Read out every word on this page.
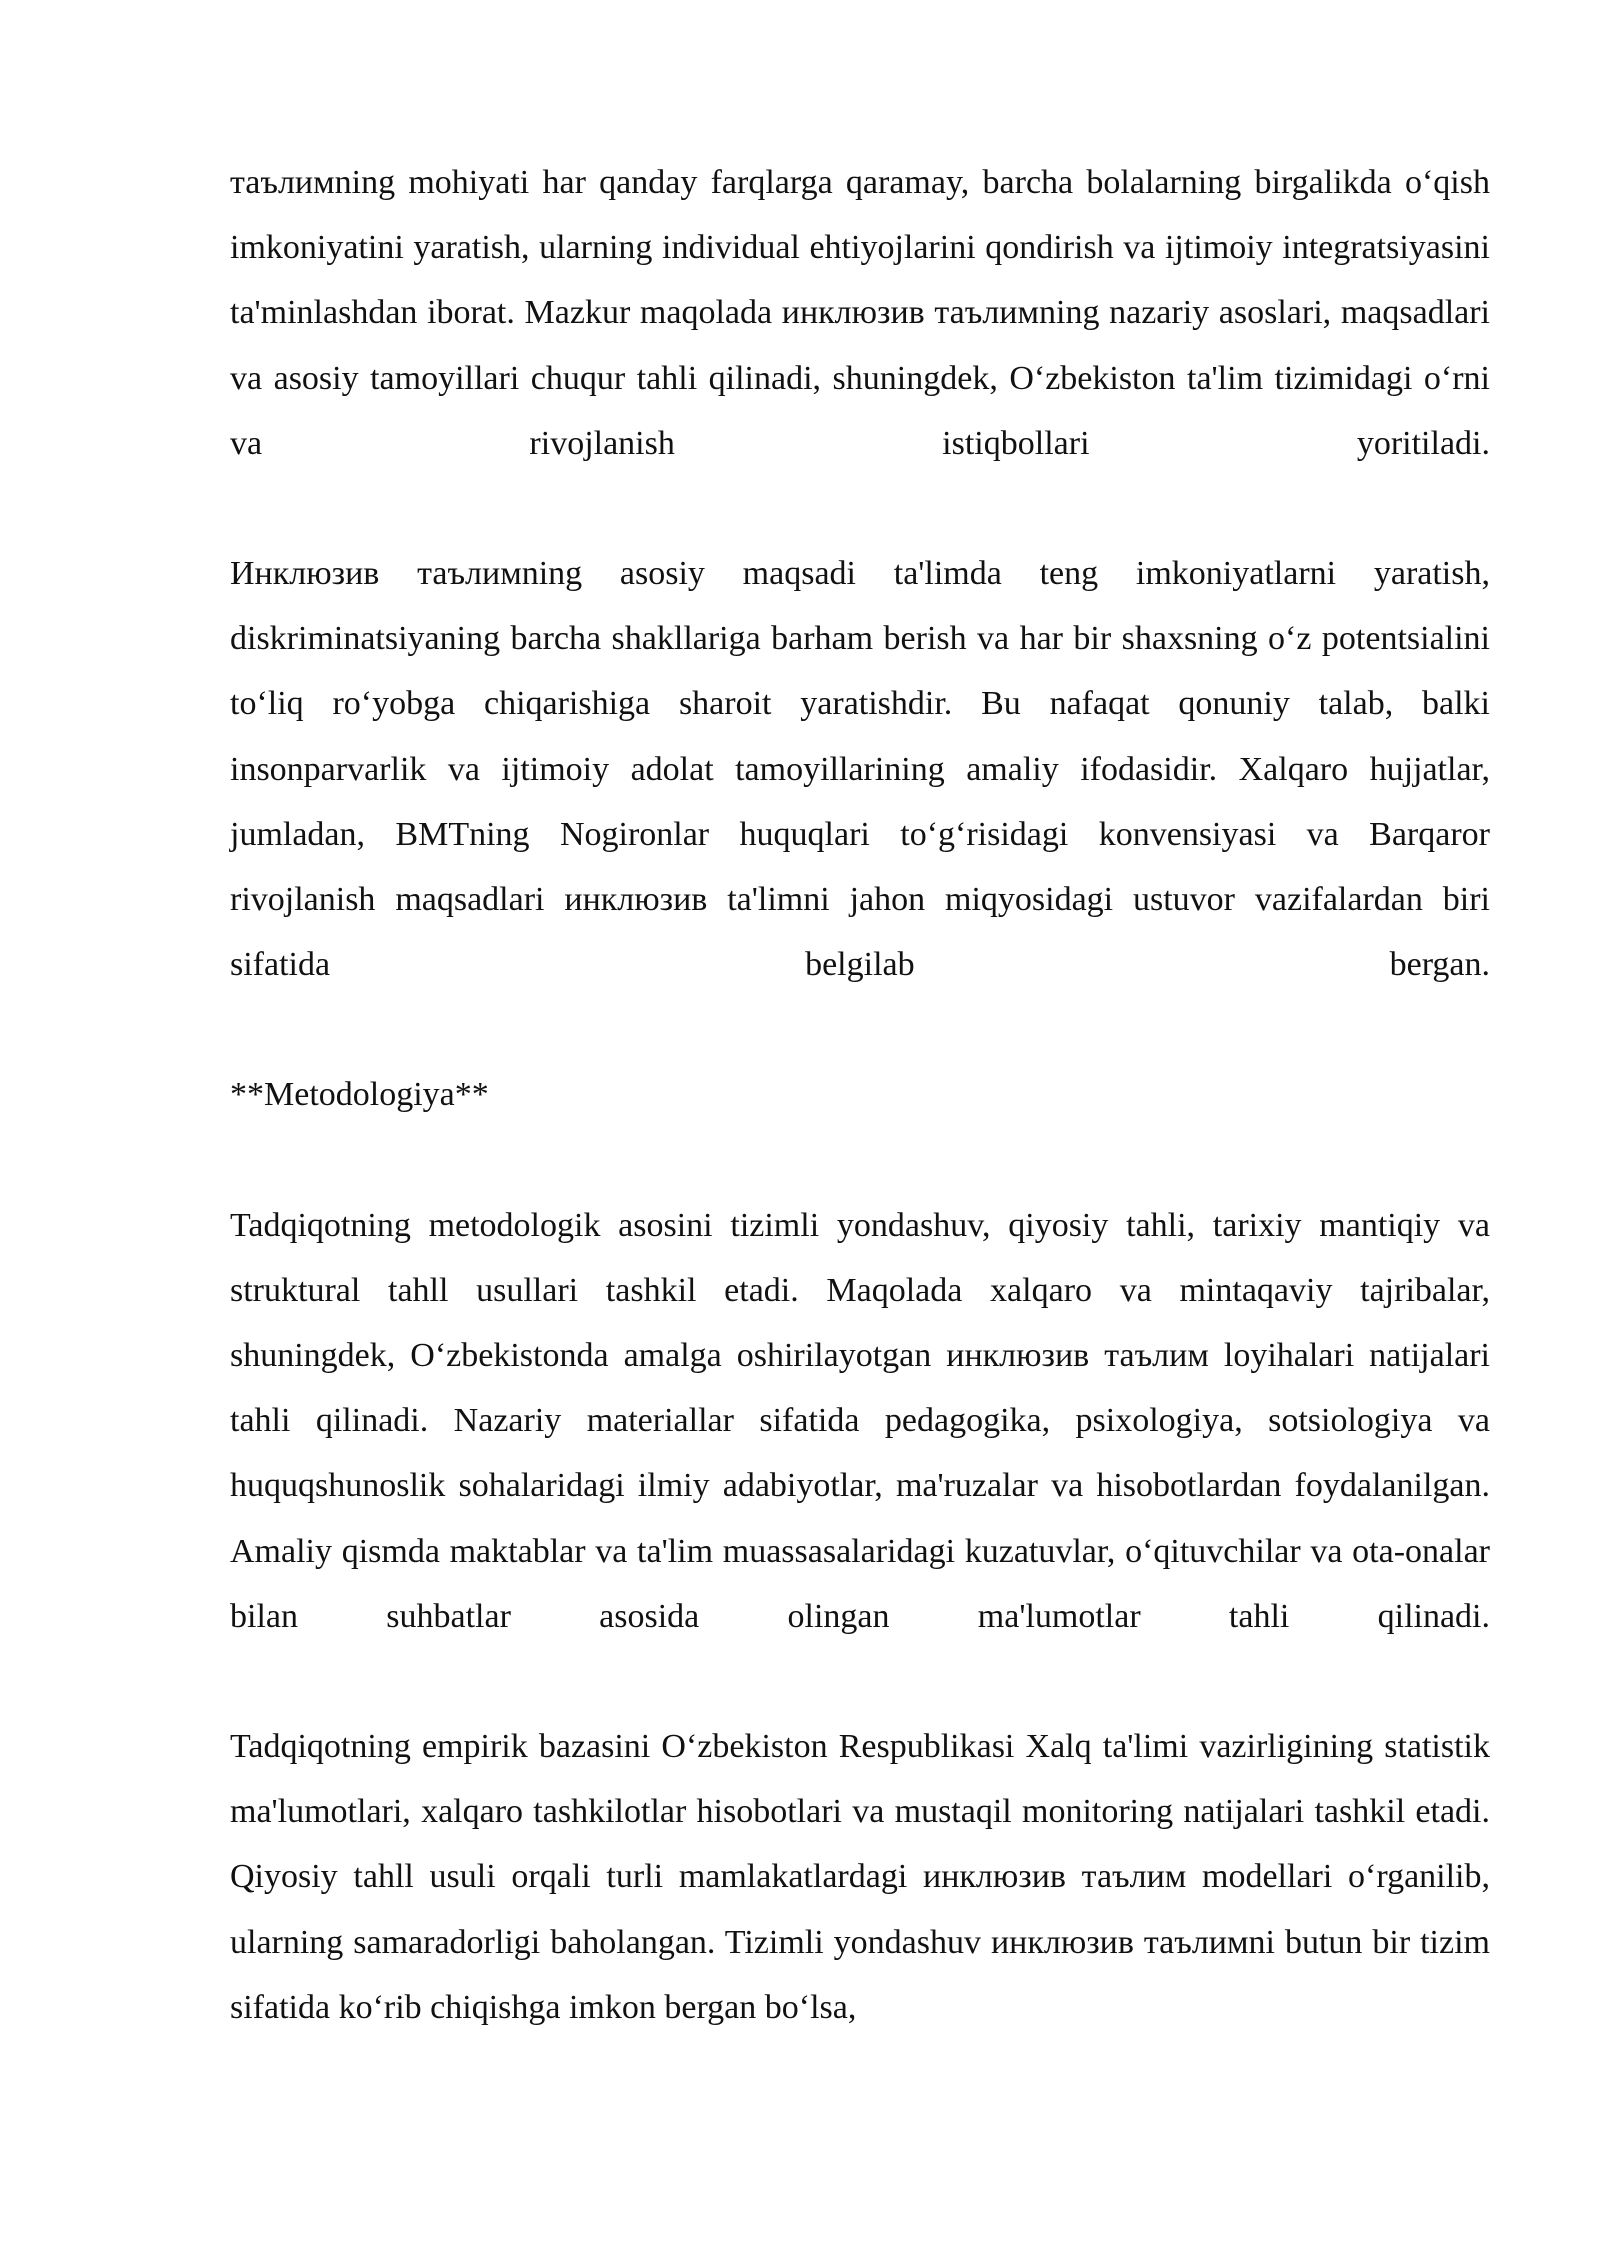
таълимning mohiyati har qanday farqlarga qaramay, barcha bolalarning birgalikda o‘qish imkoniyatini yaratish, ularning individual ehtiyojlarini qondirish va ijtimoiy integratsiyasini ta'minlashdan iborat. Mazkur maqolada инклюзив таълимning nazariy asoslari, maqsadlari va asosiy tamoyillari chuqur tahli qilinadi, shuningdek, O‘zbekiston ta'lim tizimidagi o‘rni va rivojlanish istiqbollari yoritiladi.

Инклюзив таълимning asosiy maqsadi ta'limda teng imkoniyatlarni yaratish, diskriminatsiyaning barcha shakllariga barham berish va har bir shaxsning o‘z potentsialini to‘liq ro‘yobga chiqarishiga sharoit yaratishdir. Bu nafaqat qonuniy talab, balki insonparvarlik va ijtimoiy adolat tamoyillarining amaliy ifodasidir. Xalqaro hujjatlar, jumladan, BMTning Nogironlar huquqlari to‘g‘risidagi konvensiyasi va Barqaror rivojlanish maqsadlari инклюзив ta'limni jahon miqyosidagi ustuvor vazifalardan biri sifatida belgilab bergan.

**Metodologiya**

Tadqiqotning metodologik asosini tizimli yondashuv, qiyosiy tahli, tarixiy mantiqiy va struktural tahll usullari tashkil etadi. Maqolada xalqaro va mintaqaviy tajribalar, shuningdek, O‘zbekistonda amalga oshirilayotgan инклюзив таълим loyihalari natijalari tahli qilinadi. Nazariy materiallar sifatida pedagogika, psixologiya, sotsiologiya va huquqshunoslik sohalaridagi ilmiy adabiyotlar, ma'ruzalar va hisobotlardan foydalanilgan. Amaliy qismda maktablar va ta'lim muassasalaridagi kuzatuvlar, o‘qituvchilar va ota-onalar bilan suhbatlar asosida olingan ma'lumotlar tahli qilinadi.

Tadqiqotning empirik bazasini O‘zbekiston Respublikasi Xalq ta'limi vazirligining statistik ma'lumotlari, xalqaro tashkilotlar hisobotlari va mustaqil monitoring natijalari tashkil etadi. Qiyosiy tahll usuli orqali turli mamlakatlardagi инклюзив таълим modellari o‘rganilib, ularning samaradorligi baholangan. Tizimli yondashuv инклюзив таълимni butun bir tizim sifatida ko‘rib chiqishga imkon bergan bo‘lsa,
